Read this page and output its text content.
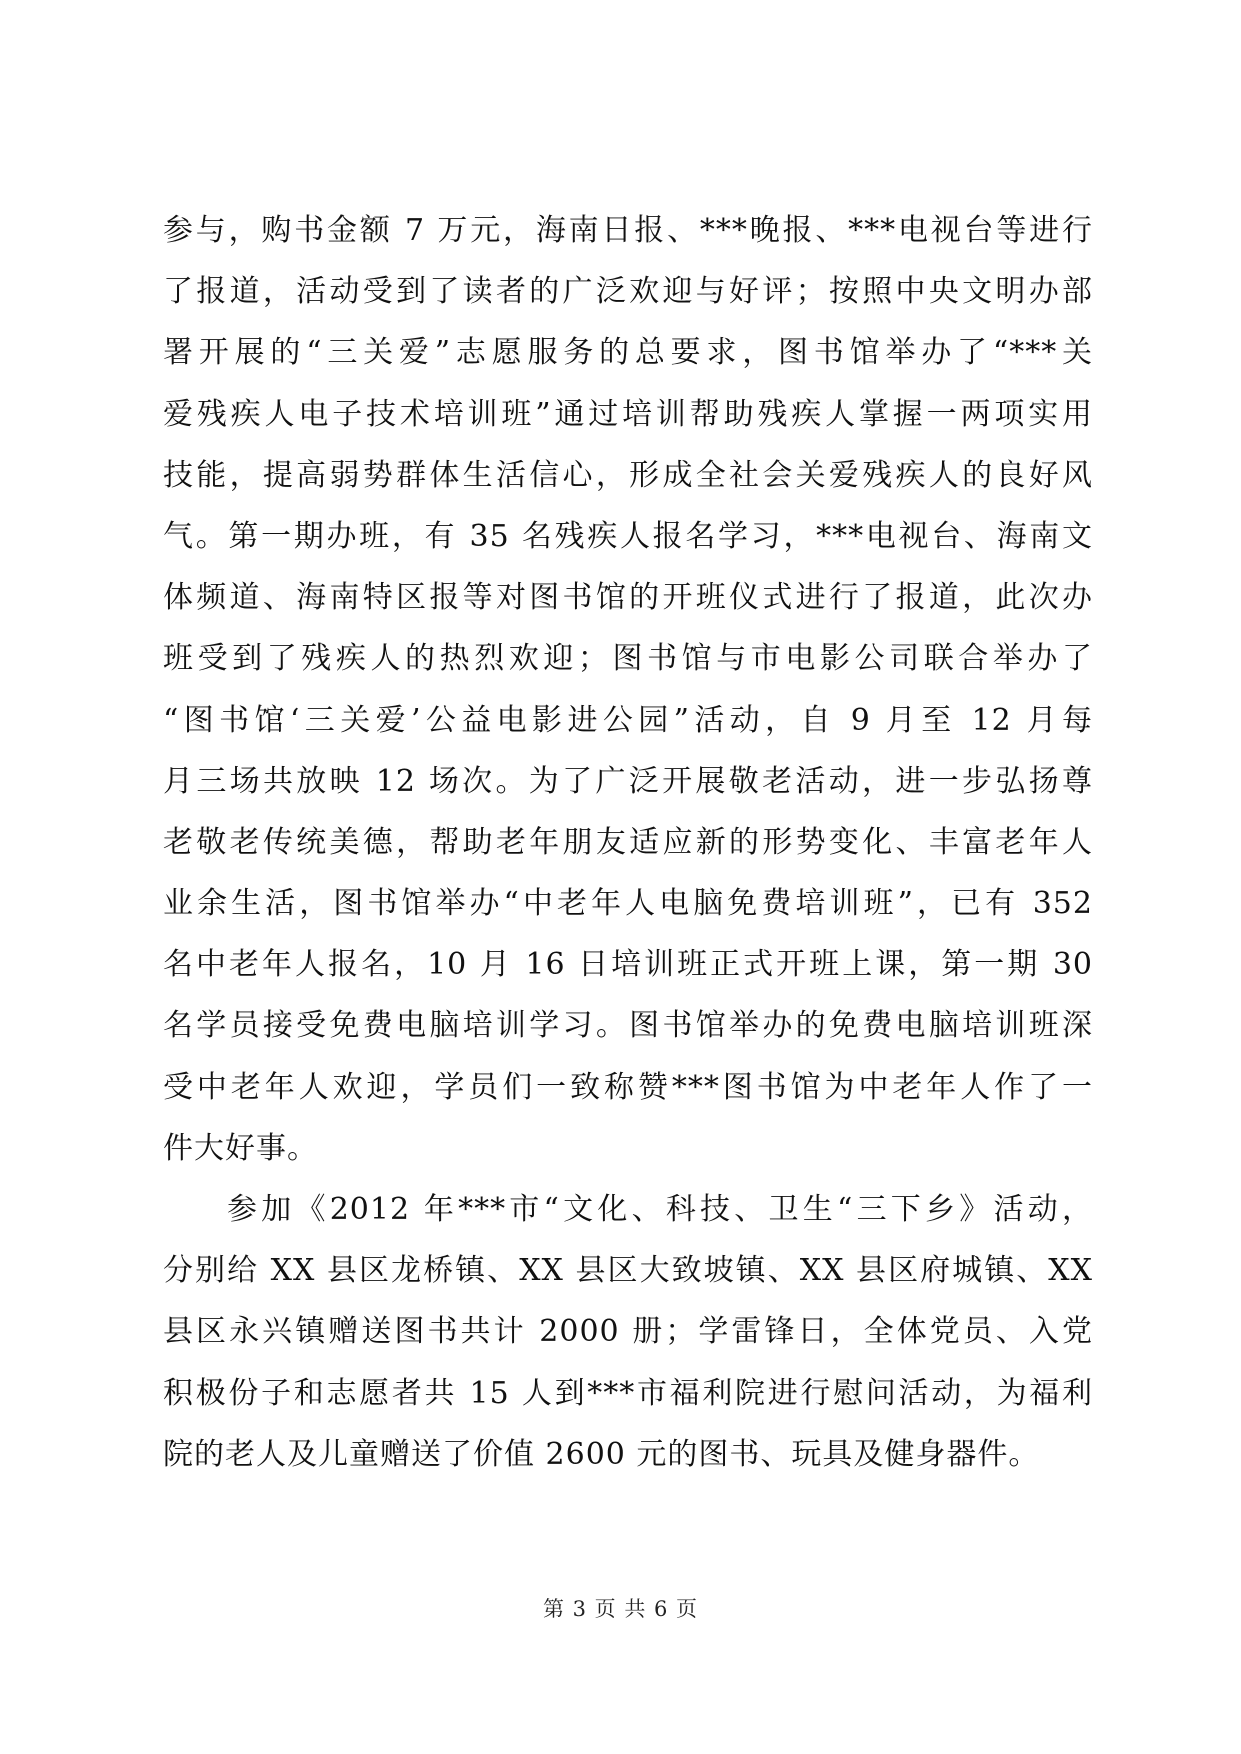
参与，购书金额 7 万元，海南日报、***晚报、***电视台等进行
了报道，活动受到了读者的广泛欢迎与好评；按照中央文明办部
署开展的“三关爱”志愿服务的总要求，图书馆举办了“***关
爱残疾人电子技术培训班”通过培训帮助残疾人掌握一两项实用
技能，提高弱势群体生活信心，形成全社会关爱残疾人的良好风
气。第一期办班，有 35 名残疾人报名学习，***电视台、海南文
体频道、海南特区报等对图书馆的开班仪式进行了报道，此次办
班受到了残疾人的热烈欢迎；图书馆与市电影公司联合举办了
“图书馆‘三关爱’公益电影进公园”活动，自 9 月至 12 月每
月三场共放映 12 场次。为了广泛开展敬老活动，进一步弘扬尊
老敬老传统美德，帮助老年朋友适应新的形势变化、丰富老年人
业余生活，图书馆举办“中老年人电脑免费培训班”，已有 352
名中老年人报名，10 月 16 日培训班正式开班上课，第一期 30
名学员接受免费电脑培训学习。图书馆举办的免费电脑培训班深
受中老年人欢迎，学员们一致称赞***图书馆为中老年人作了一
件大好事。
参加《2012 年***市“文化、科技、卫生“三下乡》活动，
分别给 XX 县区龙桥镇、XX 县区大致坡镇、XX 县区府城镇、XX
县区永兴镇赠送图书共计 2000 册；学雷锋日，全体党员、入党
积极份子和志愿者共 15 人到***市福利院进行慰问活动，为福利
院的老人及儿童赠送了价值 2600 元的图书、玩具及健身器件。
第 3 页 共 6 页
